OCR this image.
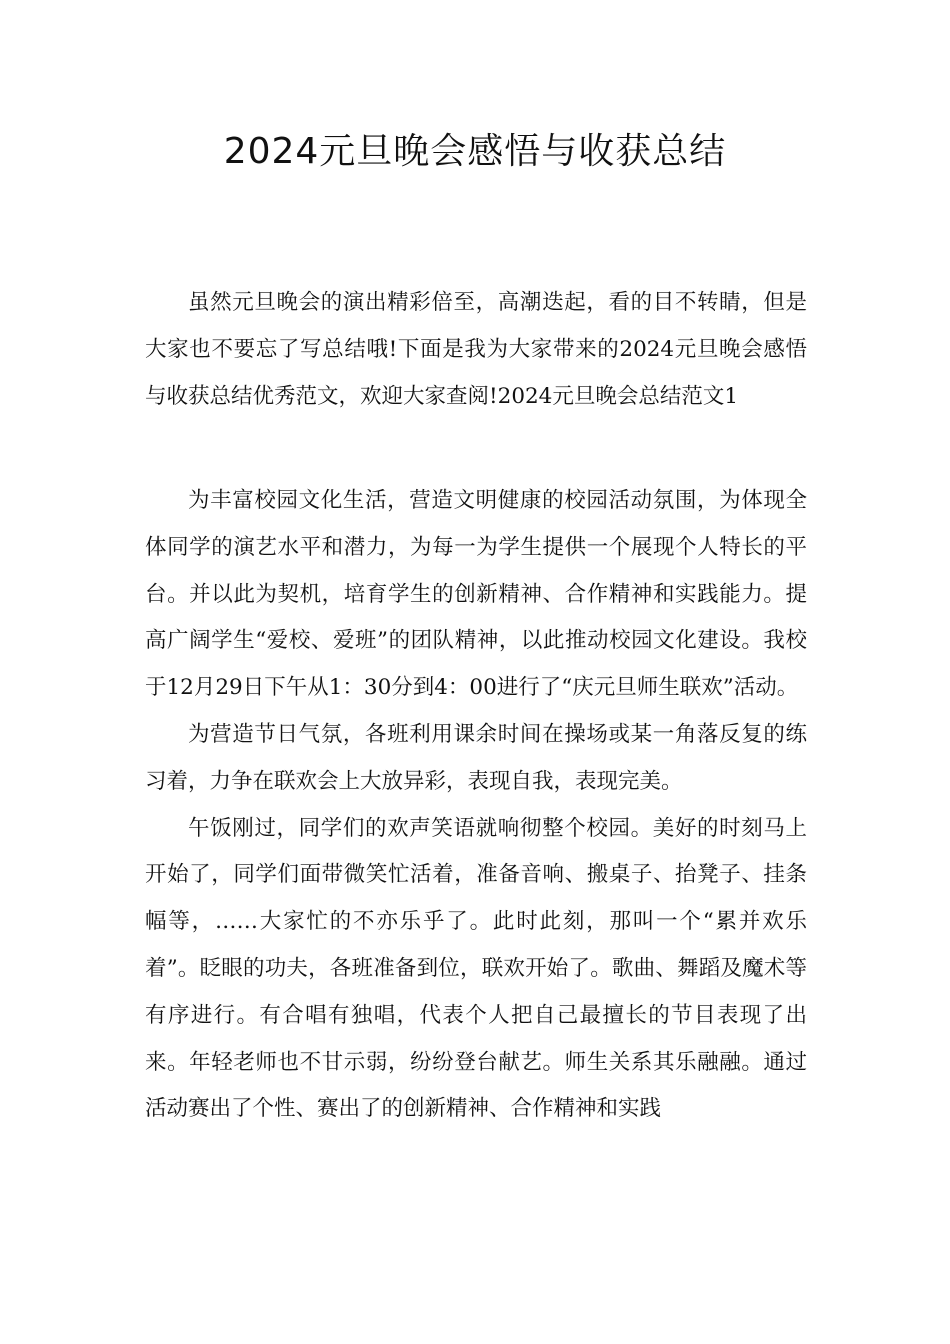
2024元旦晚会感悟与收获总结

虽然元旦晚会的演出精彩倍至，高潮迭起，看的目不转睛，但是大家也不要忘了写总结哦!下面是我为大家带来的2024元旦晚会感悟与收获总结优秀范文，欢迎大家查阅!2024元旦晚会总结范文1

为丰富校园文化生活，营造文明健康的校园活动氛围，为体现全体同学的演艺水平和潜力，为每一为学生提供一个展现个人特长的平台。并以此为契机，培育学生的创新精神、合作精神和实践能力。提高广阔学生“爱校、爱班”的团队精神，以此推动校园文化建设。我校于12月29日下午从1：30分到4：00进行了“庆元旦师生联欢”活动。

为营造节日气氛，各班利用课余时间在操场或某一角落反复的练习着，力争在联欢会上大放异彩，表现自我，表现完美。

午饭刚过，同学们的欢声笑语就响彻整个校园。美好的时刻马上开始了，同学们面带微笑忙活着，准备音响、搬桌子、抬凳子、挂条幅等，……大家忙的不亦乐乎了。此时此刻，那叫一个“累并欢乐着”。眨眼的功夫，各班准备到位，联欢开始了。歌曲、舞蹈及魔术等有序进行。有合唱有独唱，代表个人把自己最擅长的节目表现了出来。年轻老师也不甘示弱，纷纷登台献艺。师生关系其乐融融。通过活动赛出了个性、赛出了的创新精神、合作精神和实践
